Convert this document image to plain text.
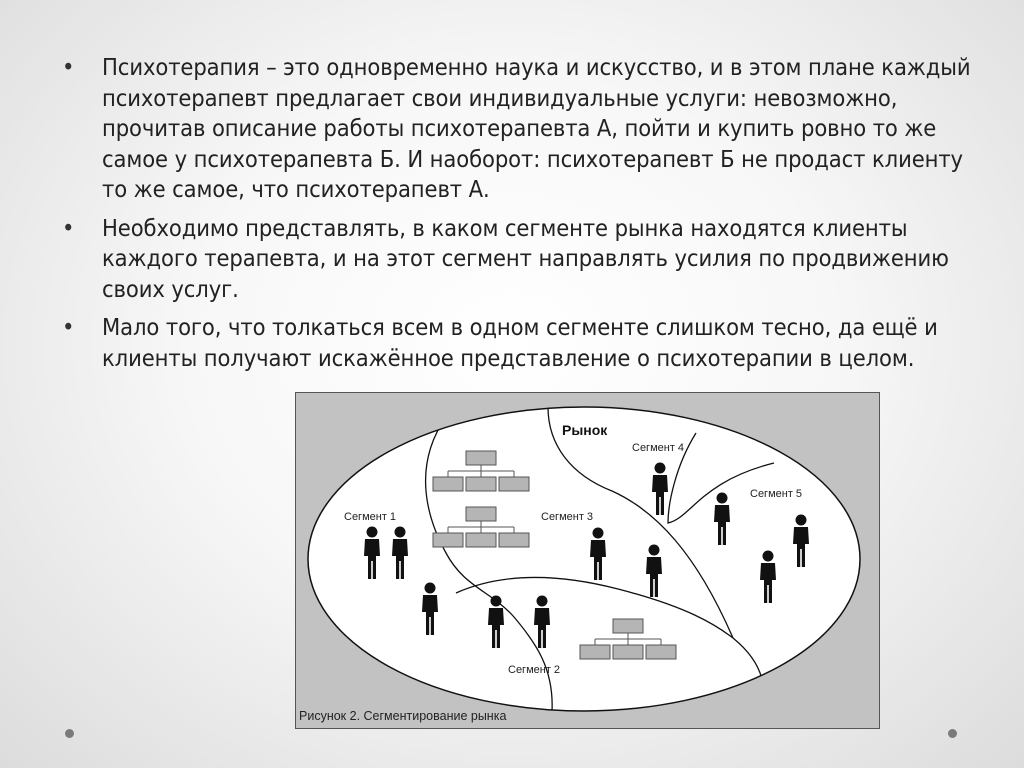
• Психотерапия – это одновременно наука и искусство, и в этом плане каждый психотерапевт предлагает свои индивидуальные услуги: невозможно, прочитав описание работы психотерапевта А, пойти и купить ровно то же самое у психотерапевта Б. И наоборот: психотерапевт Б не продаст клиенту то же самое, что психотерапевт А.
• Необходимо представлять, в каком сегменте рынка находятся клиенты каждого терапевта, и на этот сегмент направлять усилия по продвижению своих услуг.
• Мало того, что толкаться всем в одном сегменте слишком тесно, да ещё и клиенты получают искажённое представление о психотерапии в целом.
Рынок
Сегмент 1
Сегмент 2
Сегмент 3
Сегмент 4
Сегмент 5
Рисунок 2. Сегментирование рынка
